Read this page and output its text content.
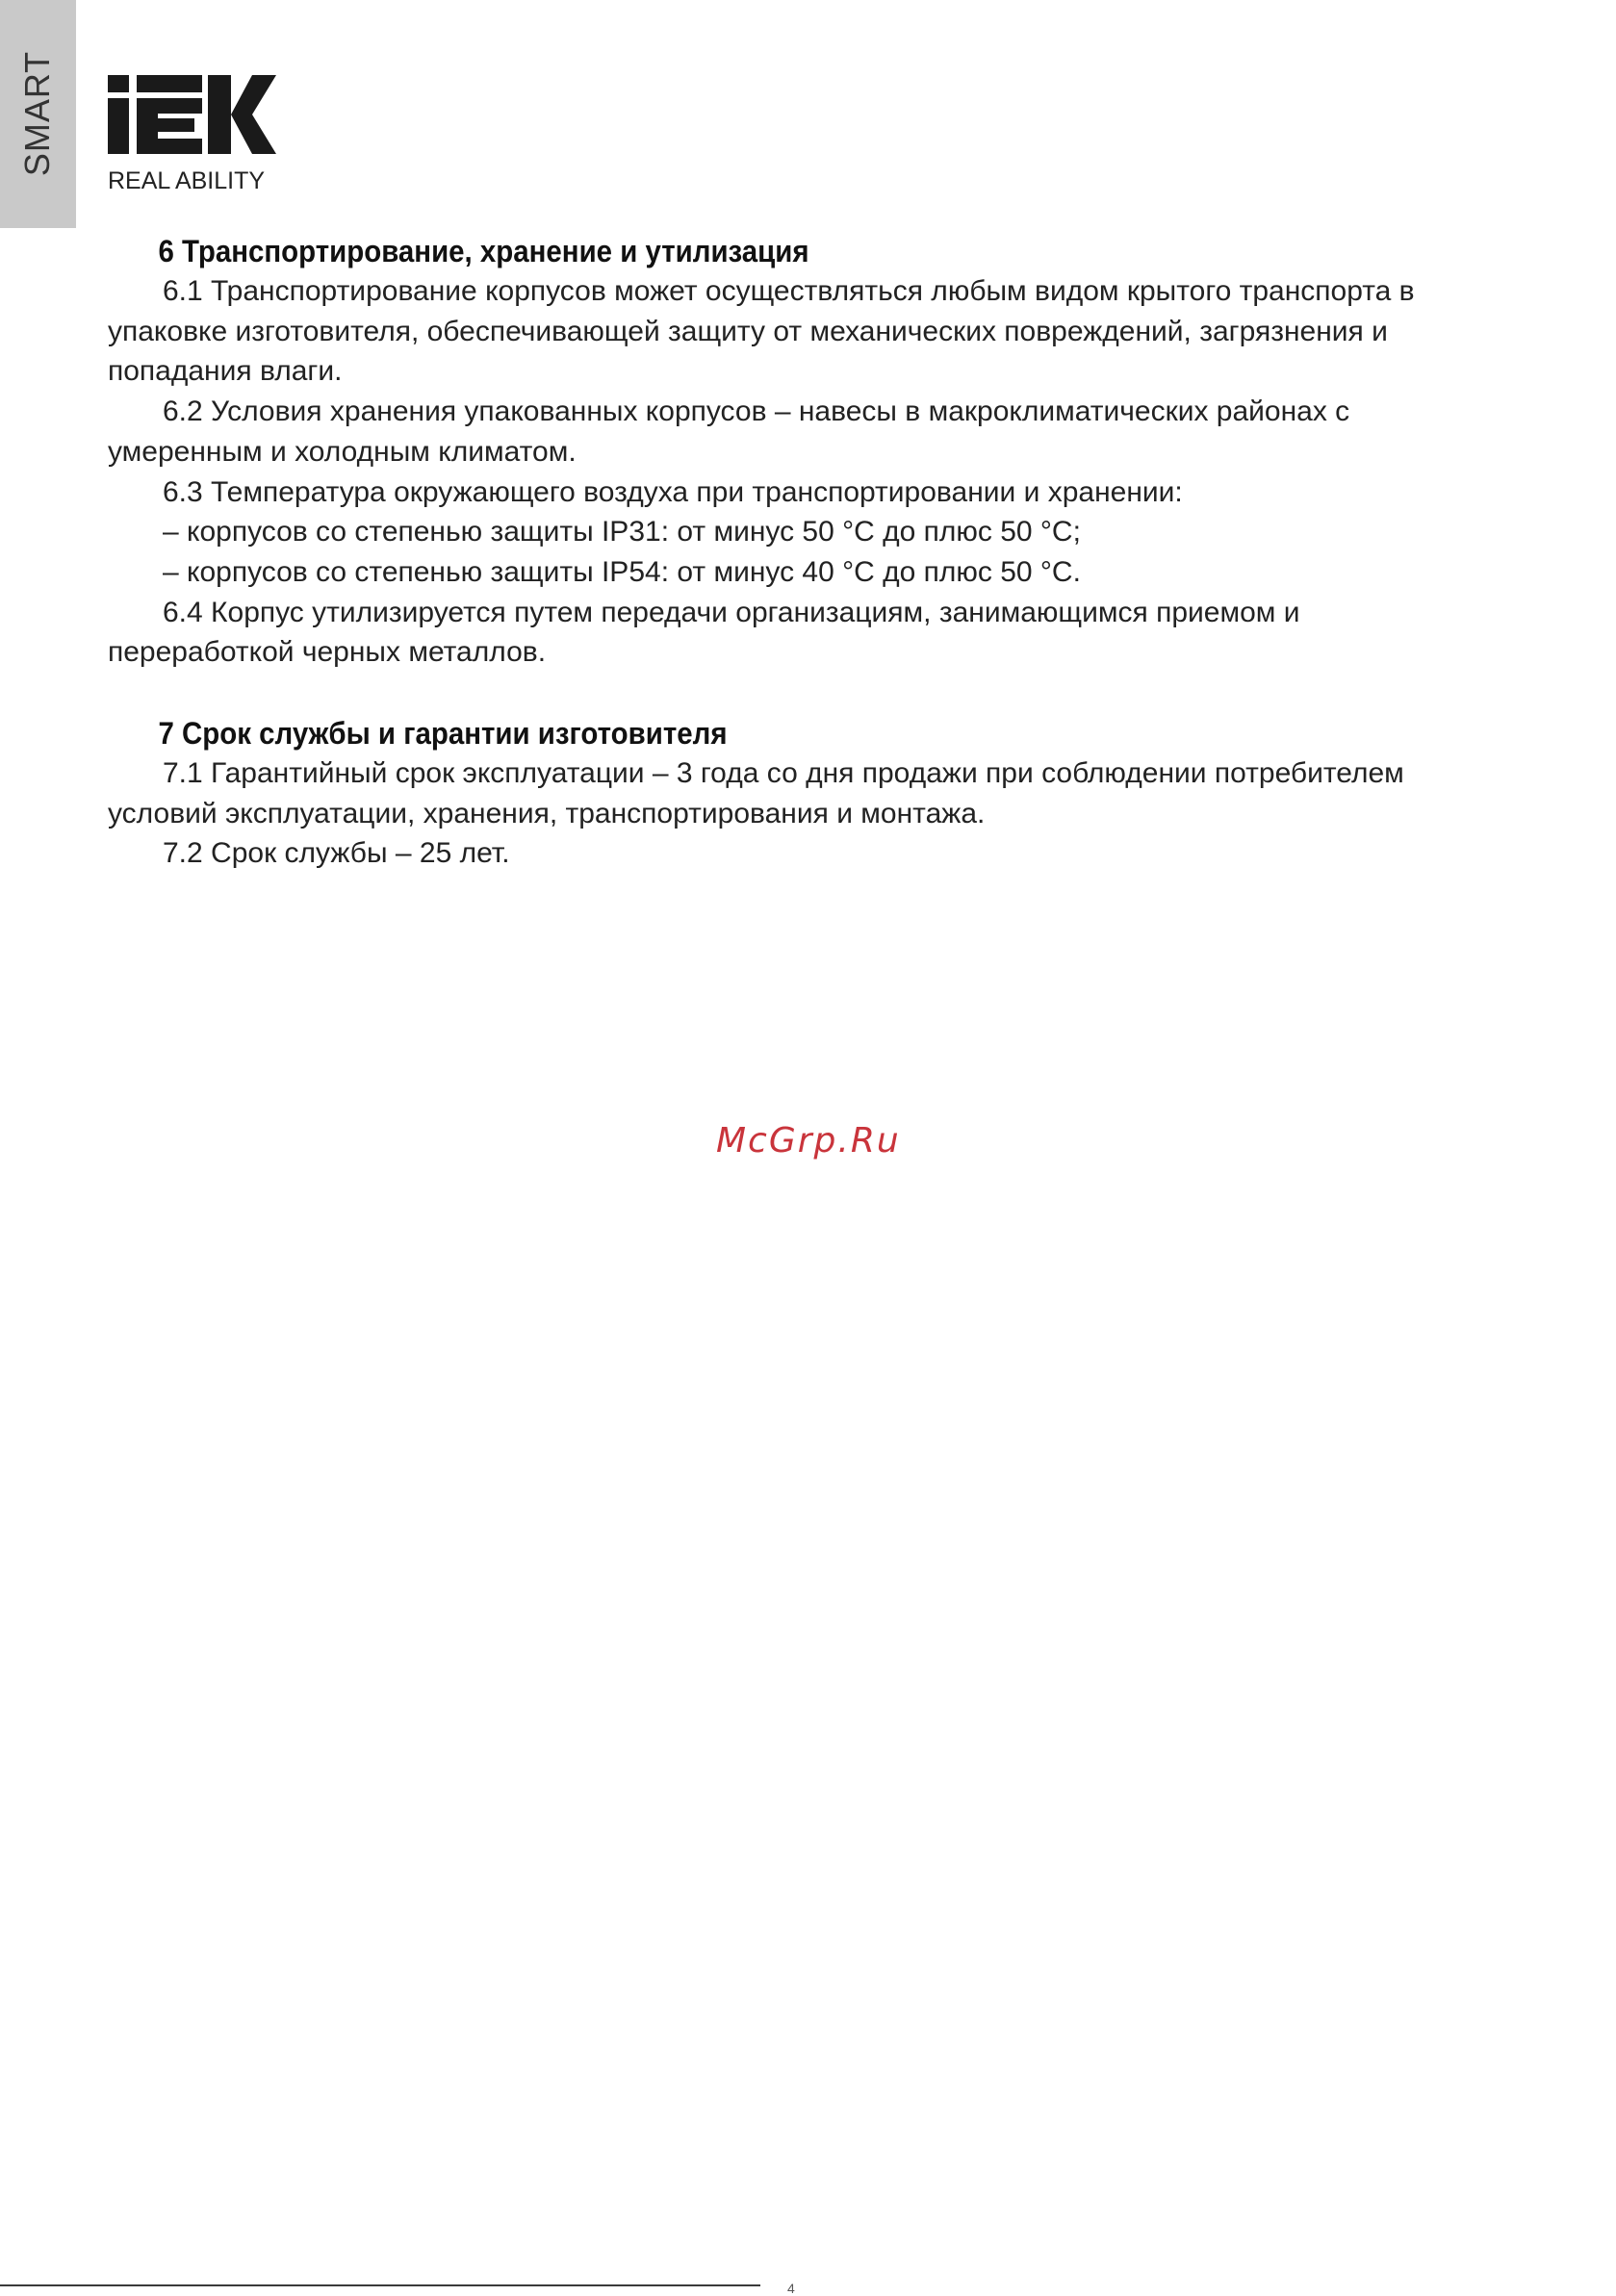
SMART
REAL ABILITY
6 Транспортирование, хранение и утилизация

6.1 Транспортирование корпусов может осуществляться любым видом крытого транспорта в упаковке изготовителя, обеспечивающей защиту от механических повреждений, загрязнения и попадания влаги.

6.2 Условия хранения упакованных корпусов – навесы в макроклиматических районах с умеренным и холодным климатом.

6.3 Температура окружающего воздуха при транспортировании и хранении:

– корпусов со степенью защиты IP31: от минус 50 °С до плюс 50 °С;

– корпусов со степенью защиты IP54: от минус 40 °С до плюс 50 °С.

6.4 Корпус утилизируется путем передачи организациям, занимающимся приемом и переработкой черных металлов.

7 Срок службы и гарантии изготовителя

7.1 Гарантийный срок эксплуатации – 3 года со дня продажи при соблюдении потребителем условий эксплуатации, хранения, транспортирования и монтажа.

7.2 Срок службы – 25 лет.

McGrp.Ru
4
